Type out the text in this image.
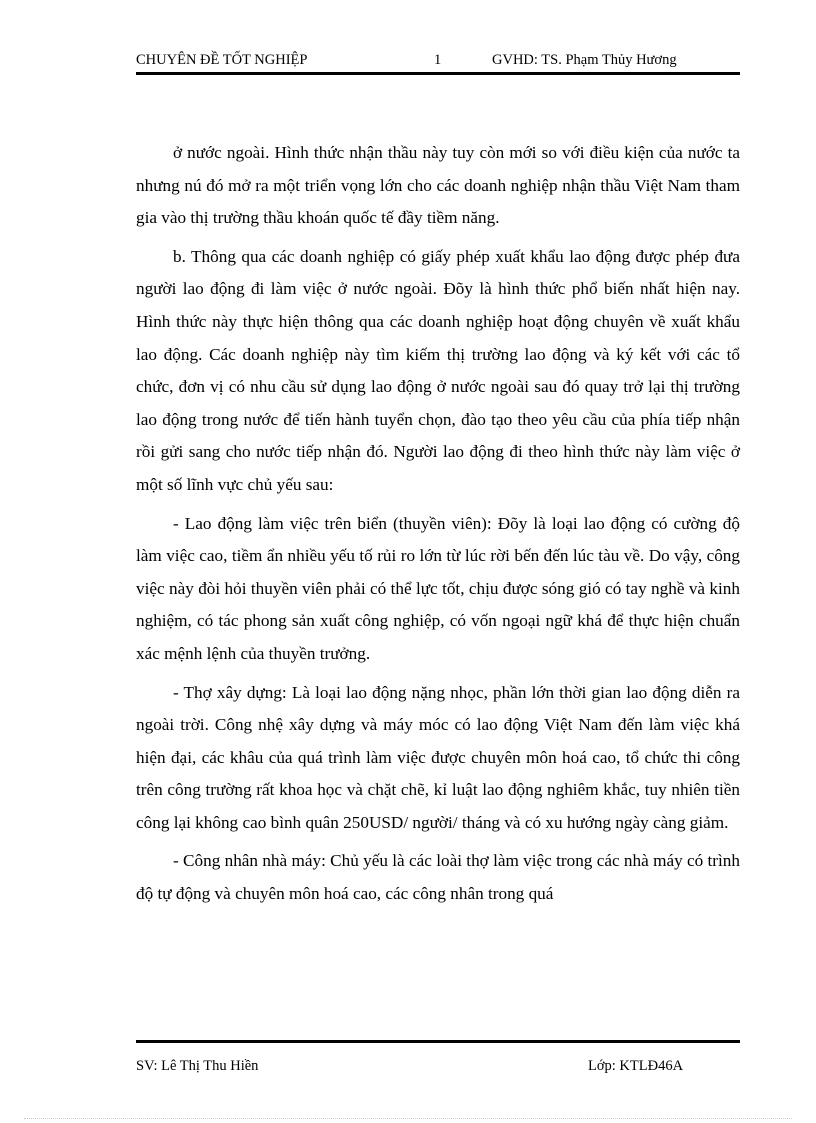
CHUYÊN ĐỀ TỐT NGHIỆP	1	GVHD: TS. Phạm Thủy Hương

ở nước ngoài. Hình thức nhận thầu này tuy còn mới so với điều kiện của nước ta nhưng nú đó mở ra một triển vọng lớn cho các doanh nghiệp nhận thầu Việt Nam tham gia vào thị trường thầu khoán quốc tế đầy tiềm năng.

b. Thông qua các doanh nghiệp có giấy phép xuất khẩu lao động được phép đưa người lao động đi làm việc ở nước ngoài. Đõy là hình thức phổ biến nhất hiện nay. Hình thức này thực hiện thông qua các doanh nghiệp hoạt động chuyên về xuất khẩu lao động. Các doanh nghiệp này tìm kiếm thị trường lao động và ký kết với các tổ chức, đơn vị có nhu cầu sử dụng lao động ở nước ngoài sau đó quay trở lại thị trường lao động trong nước để tiến hành tuyển chọn, đào tạo theo yêu cầu của phía tiếp nhận rồi gửi sang cho nước tiếp nhận đó. Người lao động đi theo hình thức này làm việc ở một số lĩnh vực chủ yếu sau:

- Lao động làm việc trên biển (thuyền viên): Đõy là loại lao động có cường độ làm việc cao, tiềm ẩn nhiều yếu tố rủi ro lớn từ lúc rời bến đến lúc tàu về. Do vậy, công việc này đòi hỏi thuyền viên phải có thể lực tốt, chịu được sóng gió có tay nghề và kinh nghiệm, có tác phong sản xuất công nghiệp, có vốn ngoại ngữ khá để thực hiện chuẩn xác mệnh lệnh của thuyền trưởng.

- Thợ xây dựng: Là loại lao động nặng nhọc, phần lớn thời gian lao động diễn ra ngoài trời. Công nhệ xây dựng và máy móc có lao động Việt Nam đến làm việc khá hiện đại, các khâu của quá trình làm việc được chuyên môn hoá cao, tổ chức thi công trên công trường rất khoa học và chặt chẽ, kỉ luật lao động nghiêm khắc, tuy nhiên tiền công lại không cao bình quân 250USD/ người/ tháng và có xu hướng ngày càng giảm.

- Công nhân nhà máy: Chủ yếu là các loài thợ làm việc trong các nhà máy có trình độ tự động và chuyên môn hoá cao, các công nhân trong quá

SV: Lê Thị Thu Hiền	Lớp: KTLĐ46A
